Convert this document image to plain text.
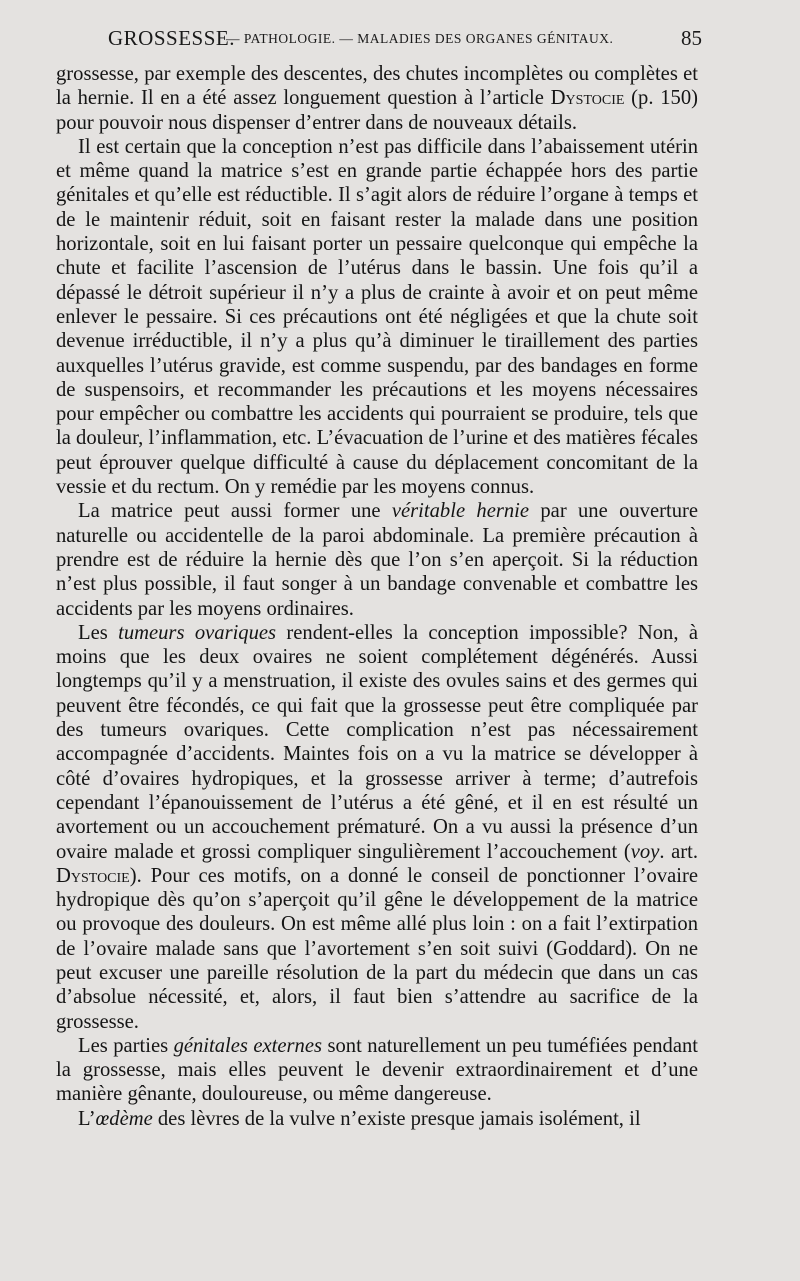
GROSSESSE.
— PATHOLOGIE. — MALADIES DES ORGANES GÉNITAUX.	85

grossesse, par exemple des descentes, des chutes incomplètes ou complètes et la hernie. Il en a été assez longuement question à l’article Dystocie (p. 150) pour pouvoir nous dispenser d’entrer dans de nouveaux détails.

Il est certain que la conception n’est pas difficile dans l’abaissement utérin et même quand la matrice s’est en grande partie échappée hors des partie génitales et qu’elle est réductible. Il s’agit alors de réduire l’organe à temps et de le maintenir réduit, soit en faisant rester la malade dans une position horizontale, soit en lui faisant porter un pessaire quelconque qui empêche la chute et facilite l’ascension de l’utérus dans le bassin. Une fois qu’il a dépassé le détroit supérieur il n’y a plus de crainte à avoir et on peut même enlever le pessaire. Si ces précautions ont été négligées et que la chute soit devenue irréductible, il n’y a plus qu’à diminuer le tiraillement des parties auxquelles l’utérus gravide, est comme suspendu, par des bandages en forme de suspensoirs, et recommander les précautions et les moyens nécessaires pour empêcher ou combattre les accidents qui pourraient se produire, tels que la douleur, l’inflammation, etc. L’évacuation de l’urine et des matières fécales peut éprouver quelque difficulté à cause du déplacement concomitant de la vessie et du rectum. On y remédie par les moyens connus.

La matrice peut aussi former une véritable hernie par une ouverture naturelle ou accidentelle de la paroi abdominale. La première précaution à prendre est de réduire la hernie dès que l’on s’en aperçoit. Si la réduction n’est plus possible, il faut songer à un bandage convenable et combattre les accidents par les moyens ordinaires.

Les tumeurs ovariques rendent-elles la conception impossible? Non, à moins que les deux ovaires ne soient complétement dégénérés. Aussi longtemps qu’il y a menstruation, il existe des ovules sains et des germes qui peuvent être fécondés, ce qui fait que la grossesse peut être compliquée par des tumeurs ovariques. Cette complication n’est pas nécessairement accompagnée d’accidents. Maintes fois on a vu la matrice se développer à côté d’ovaires hydropiques, et la grossesse arriver à terme; d’autrefois cependant l’épanouissement de l’utérus a été gêné, et il en est résulté un avortement ou un accouchement prématuré. On a vu aussi la présence d’un ovaire malade et grossi compliquer singulièrement l’accouchement (voy. art. Dystocie). Pour ces motifs, on a donné le conseil de ponctionner l’ovaire hydropique dès qu’on s’aperçoit qu’il gêne le développement de la matrice ou provoque des douleurs. On est même allé plus loin : on a fait l’extirpation de l’ovaire malade sans que l’avortement s’en soit suivi (Goddard). On ne peut excuser une pareille résolution de la part du médecin que dans un cas d’absolue nécessité, et, alors, il faut bien s’attendre au sacrifice de la grossesse.

Les parties génitales externes sont naturellement un peu tuméfiées pendant la grossesse, mais elles peuvent le devenir extraordinairement et d’une manière gênante, douloureuse, ou même dangereuse.

L’œdème des lèvres de la vulve n’existe presque jamais isolément, il
